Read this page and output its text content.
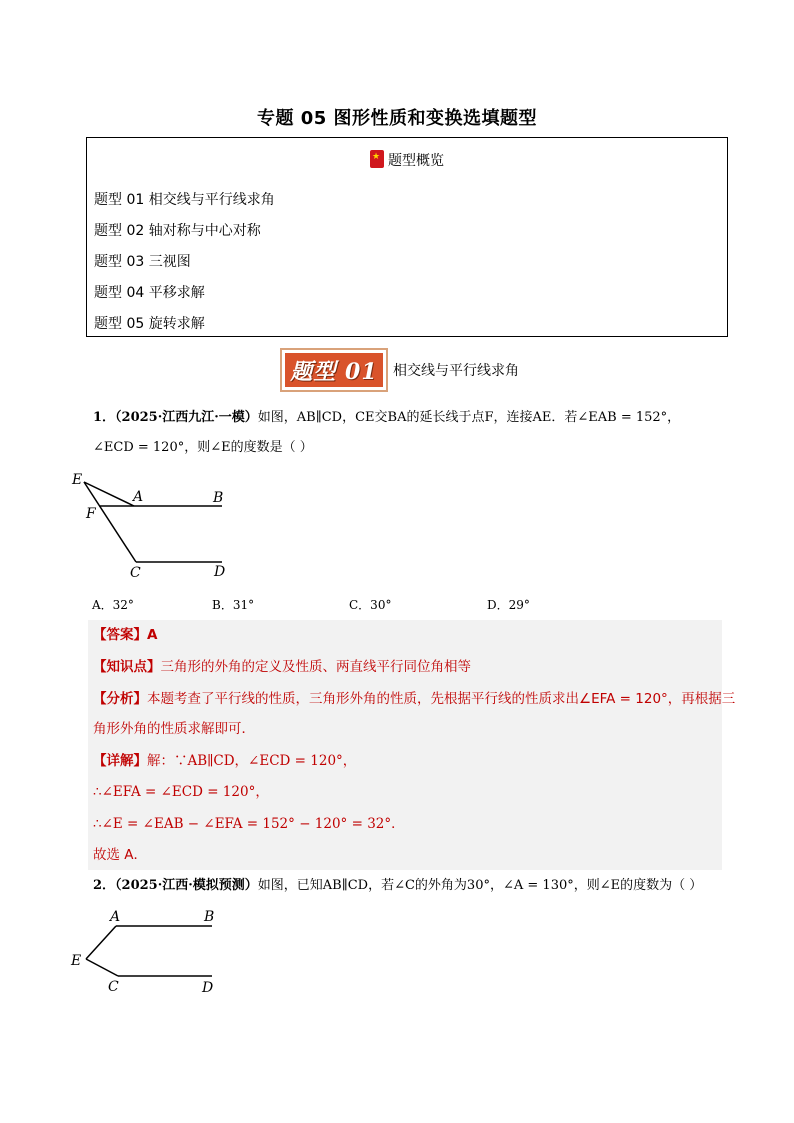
专题 05 图形性质和变换选填题型
★题型概览
题型 01 相交线与平行线求角
题型 02 轴对称与中心对称
题型 03 三视图
题型 04 平移求解
题型 05 旋转求解
题型 01	相交线与平行线求角
1．（2025·江西九江·一模）如图，AB∥CD，CE交BA的延长线于点F，连接AE．若∠EAB = 152°，
∠ECD = 120°，则∠E的度数是（ ）
E
A	B
F
C	D
A．32°	B．31°	C．30°	D．29°
【答案】A
【知识点】三角形的外角的定义及性质、两直线平行同位角相等
【分析】本题考查了平行线的性质，三角形外角的性质，先根据平行线的性质求出∠EFA = 120°，再根据三
角形外角的性质求解即可．
【详解】解：∵AB∥CD，∠ECD = 120°，
∴∠EFA = ∠ECD = 120°，
∴∠E = ∠EAB − ∠EFA = 152° − 120° = 32°．
故选 A．
2．（2025·江西·模拟预测）如图，已知AB∥CD，若∠C的外角为30°，∠A = 130°，则∠E的度数为（ ）
A	B
E
C	D
